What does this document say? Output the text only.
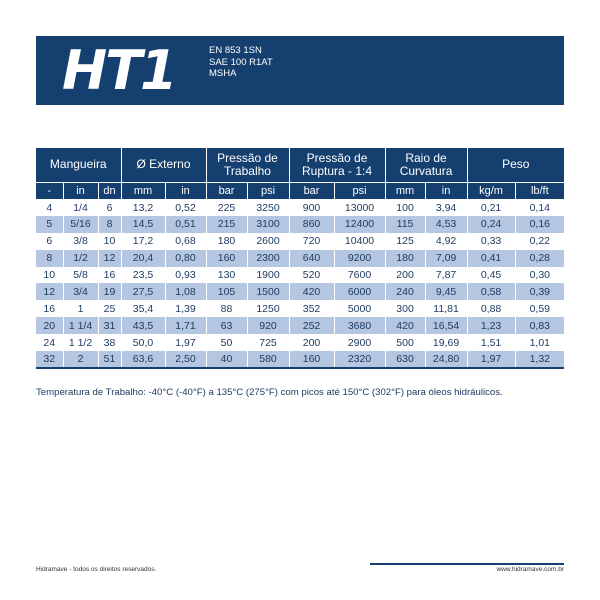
HT1	EN 853 1SN
SAE 100 R1AT
MSHA
Mangueira			Ø Externo		Pressão de Trabalho		Pressão de Ruptura - 1:4		Raio de Curvatura		Peso	
-	in	dn	mm	in	bar	psi	bar	psi	mm	in	kg/m	lb/ft
4	1/4	6	13,2	0,52	225	3250	900	13000	100	3,94	0,21	0,14
5	5/16	8	14,5	0,51	215	3100	860	12400	115	4,53	0,24	0,16
6	3/8	10	17,2	0,68	180	2600	720	10400	125	4,92	0,33	0,22
8	1/2	12	20,4	0,80	160	2300	640	9200	180	7,09	0,41	0,28
10	5/8	16	23,5	0,93	130	1900	520	7600	200	7,87	0,45	0,30
12	3/4	19	27,5	1,08	105	1500	420	6000	240	9,45	0,58	0,39
16	1	25	35,4	1,39	88	1250	352	5000	300	11,81	0,88	0,59
20	1 1/4	31	43,5	1,71	63	920	252	3680	420	16,54	1,23	0,83
24	1 1/2	38	50,0	1,97	50	725	200	2900	500	19,69	1,51	1,01
32	2	51	63,6	2,50	40	580	160	2320	630	24,80	1,97	1,32
Temperatura de Trabalho: -40°C (-40°F) a 135°C (275°F) com picos até 150°C (302°F) para óleos hidráulicos.
Hidramave - todos os direitos reservados.	www.hidramave.com.br
